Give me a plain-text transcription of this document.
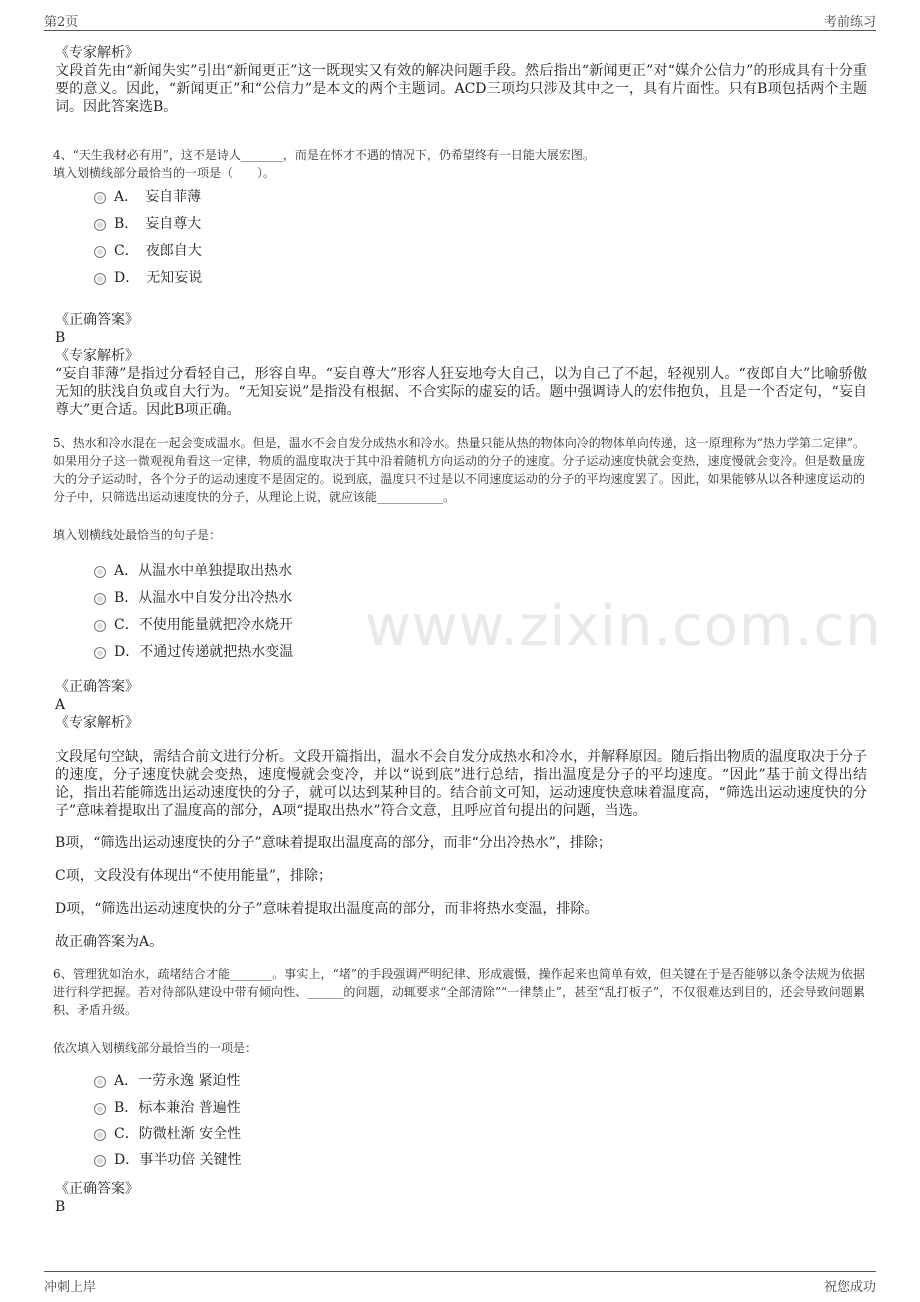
第2页	考前练习
www.zixin.com.cn

《专家解析》

文段首先由“新闻失实”引出“新闻更正”这一既现实又有效的解决问题手段。然后指出“新闻更正”对“媒介公信力”的形成具有十分重要的意义。因此，“新闻更正”和“公信力”是本文的两个主题词。ACD三项均只涉及其中之一，具有片面性。只有B项包括两个主题词。因此答案选B。

4、“天生我材必有用”，这不是诗人_______，而是在怀才不遇的情况下，仍希望终有一日能大展宏图。

填入划横线部分最恰当的一项是（　　）。

A．　妄自菲薄
B．　妄自尊大
C．　夜郎自大
D．　无知妄说

《正确答案》

B

《专家解析》

“妄自菲薄”是指过分看轻自己，形容自卑。“妄自尊大”形容人狂妄地夸大自己，以为自己了不起，轻视别人。“夜郎自大”比喻骄傲无知的肤浅自负或自大行为。“无知妄说”是指没有根据、不合实际的虚妄的话。题中强调诗人的宏伟抱负，且是一个否定句，“妄自尊大”更合适。因此B项正确。

5、热水和冷水混在一起会变成温水。但是，温水不会自发分成热水和冷水。热量只能从热的物体向冷的物体单向传递，这一原理称为“热力学第二定律”。如果用分子这一微观视角看这一定律，物质的温度取决于其中沿着随机方向运动的分子的速度。分子运动速度快就会变热，速度慢就会变冷。但是数量庞大的分子运动时，各个分子的运动速度不是固定的。说到底，温度只不过是以不同速度运动的分子的平均速度罢了。因此，如果能够从以各种速度运动的分子中，只筛选出运动速度快的分子，从理论上说，就应该能___________。

填入划横线处最恰当的句子是：

A．从温水中单独提取出热水
B．从温水中自发分出冷热水
C．不使用能量就把冷水烧开
D．不通过传递就把热水变温

《正确答案》

A

《专家解析》

文段尾句空缺，需结合前文进行分析。文段开篇指出，温水不会自发分成热水和冷水，并解释原因。随后指出物质的温度取决于分子的速度，分子速度快就会变热，速度慢就会变冷，并以“说到底”进行总结，指出温度是分子的平均速度。“因此”基于前文得出结论，指出若能筛选出运动速度快的分子，就可以达到某种目的。结合前文可知，运动速度快意味着温度高，“筛选出运动速度快的分子”意味着提取出了温度高的部分，A项“提取出热水”符合文意，且呼应首句提出的问题，当选。

B项，“筛选出运动速度快的分子”意味着提取出温度高的部分，而非“分出冷热水”，排除；

C项，文段没有体现出“不使用能量”，排除；

D项，“筛选出运动速度快的分子”意味着提取出温度高的部分，而非将热水变温，排除。

故正确答案为A。

6、管理犹如治水，疏堵结合才能_______。事实上，“堵”的手段强调严明纪律、形成震慑，操作起来也简单有效，但关键在于是否能够以条令法规为依据进行科学把握。若对待部队建设中带有倾向性、______的问题，动辄要求“全部清除”“一律禁止”，甚至“乱打板子”，不仅很难达到目的，还会导致问题累积、矛盾升级。

依次填入划横线部分最恰当的一项是：

A．一劳永逸 紧迫性
B．标本兼治 普遍性
C．防微杜渐 安全性
D．事半功倍 关键性

《正确答案》

B

冲刺上岸	祝您成功
